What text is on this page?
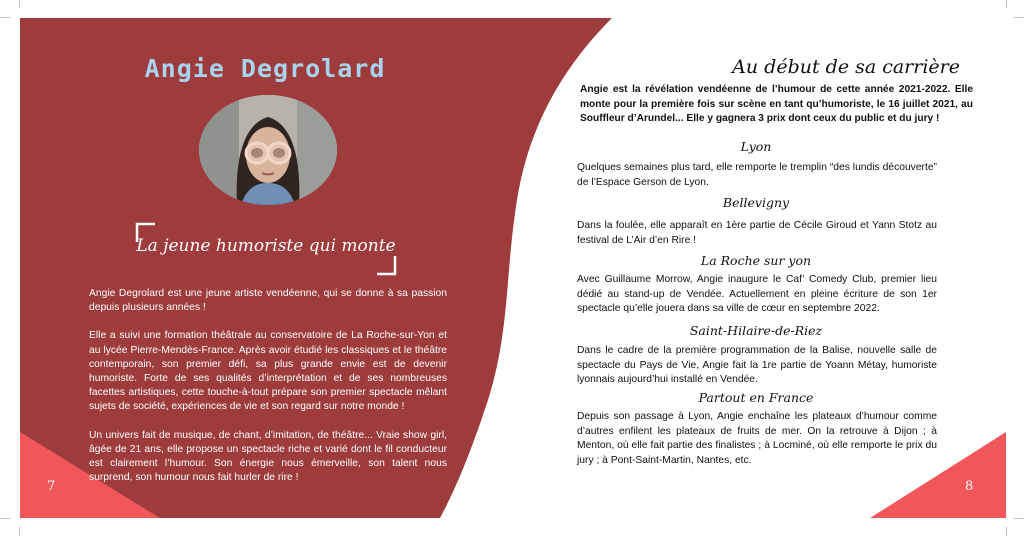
Angie Degrolard
La jeune humoriste qui monte

Angie Degrolard est une jeune artiste vendéenne, qui se donne à sa passion depuis plusieurs années !

Elle a suivi une formation théâtrale au conservatoire de La Roche-sur-Yon et au lycée Pierre-Mendès-France. Après avoir étudié les classiques et le théâtre contemporain, son premier défi, sa plus grande envie est de devenir humoriste. Forte de ses qualités d’interprétation et de ses nombreuses facettes artistiques, cette touche-à-tout prépare son premier spectacle mêlant sujets de société, expériences de vie et son regard sur notre monde !

Un univers fait de musique, de chant, d’imitation, de théâtre... Vraie show girl, âgée de 21 ans, elle propose un spectacle riche et varié dont le fil conducteur est clairement l’humour. Son énergie nous émerveille, son talent nous surprend, son humour nous fait hurler de rire !

7
Au début de sa carrière
Angie est la révélation vendéenne de l’humour de cette année 2021-2022. Elle monte pour la première fois sur scène en tant qu’humoriste, le 16 juillet 2021, au Souffleur d’Arundel... Elle y gagnera 3 prix dont ceux du public et du jury !
Lyon
Quelques semaines plus tard, elle remporte le tremplin “des lundis découverte” de l’Espace Gerson de Lyon.
Bellevigny
Dans la foulée, elle apparaît en 1ère partie de Cécile Giroud et Yann Stotz au festival de L’Air d’en Rire !
La Roche sur yon
Avec Guillaume Morrow, Angie inaugure le Caf’ Comedy Club, premier lieu dédié au stand-up de Vendée. Actuellement en pleine écriture de son 1er spectacle qu’elle jouera dans sa ville de cœur en septembre 2022.
Saint-Hilaire-de-Riez
Dans le cadre de la première programmation de la Balise, nouvelle salle de spectacle du Pays de Vie, Angie fait la 1re partie de Yoann Métay, humoriste lyonnais aujourd’hui installé en Vendée.
Partout en France
Depuis son passage à Lyon, Angie enchaîne les plateaux d’humour comme d’autres enfilent les plateaux de fruits de mer. On la retrouve à Dijon ; à Menton, où elle fait partie des finalistes ; à Locminé, où elle remporte le prix du jury ; à Pont-Saint-Martin, Nantes, etc.
8
